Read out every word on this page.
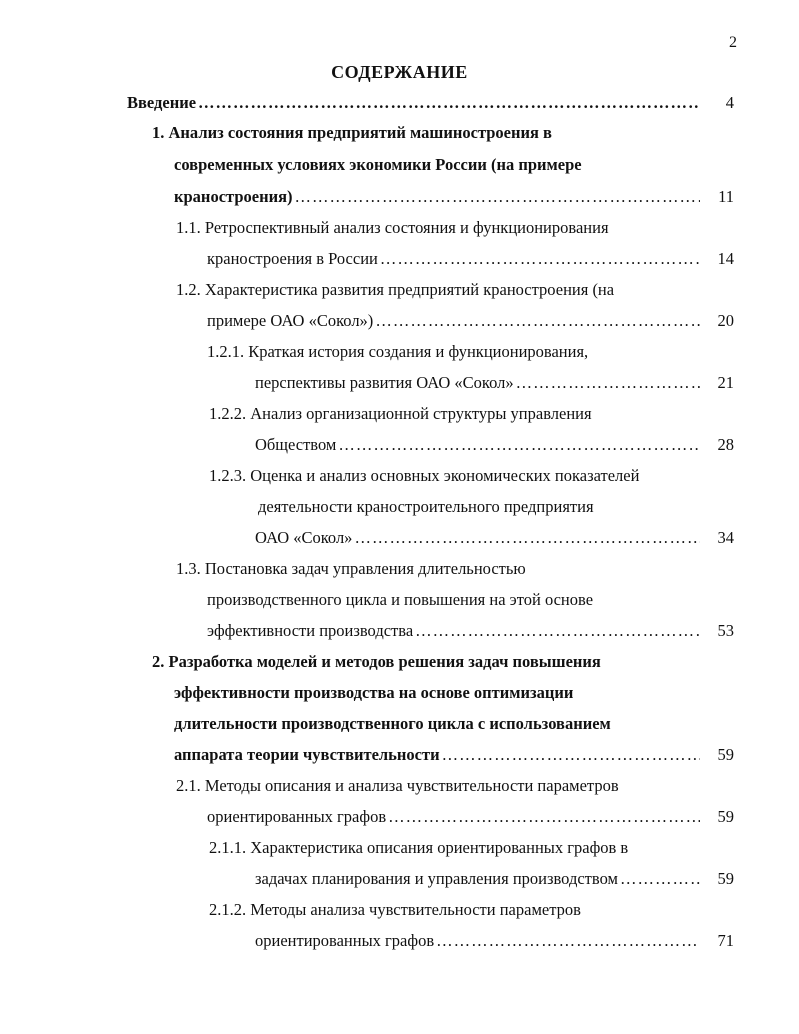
2
СОДЕРЖАНИЕ
Введение ……………………………………………………………………………………………………………………………………………………	4
1. Анализ состояния предприятий машиностроения в
современных условиях экономики России (на примере
краностроения) ……………………………………………………………………………………………………………………………………………………	11
1.1. Ретроспективный анализ состояния и функционирования
краностроения в России ……………………………………………………………………………………………………………………………………………………	14
1.2. Характеристика развития предприятий краностроения (на
примере ОАО «Сокол») ……………………………………………………………………………………………………………………………………………………	20
1.2.1. Краткая история создания и функционирования,
перспективы развития ОАО «Сокол» ……………………………………………………………………………………………………………………………………………………	21
1.2.2. Анализ организационной структуры управления
Обществом ……………………………………………………………………………………………………………………………………………………	28
1.2.3. Оценка и анализ основных экономических показателей
деятельности краностроительного предприятия
ОАО «Сокол» ……………………………………………………………………………………………………………………………………………………	34
1.3. Постановка задач управления длительностью
производственного цикла и повышения на этой основе
эффективности производства ……………………………………………………………………………………………………………………………………………………	53
2. Разработка моделей и методов решения задач повышения
эффективности производства на основе оптимизации
длительности производственного цикла с использованием
аппарата теории чувствительности ……………………………………………………………………………………………………………………………………………………	59
2.1. Методы описания и анализа чувствительности параметров
ориентированных графов ……………………………………………………………………………………………………………………………………………………	59
2.1.1. Характеристика описания ориентированных графов в
задачах планирования и управления производством ……………………………………………………………………………………………………………………………………………………	59
2.1.2. Методы анализа чувствительности параметров
ориентированных графов ……………………………………………………………………………………………………………………………………………………	71
